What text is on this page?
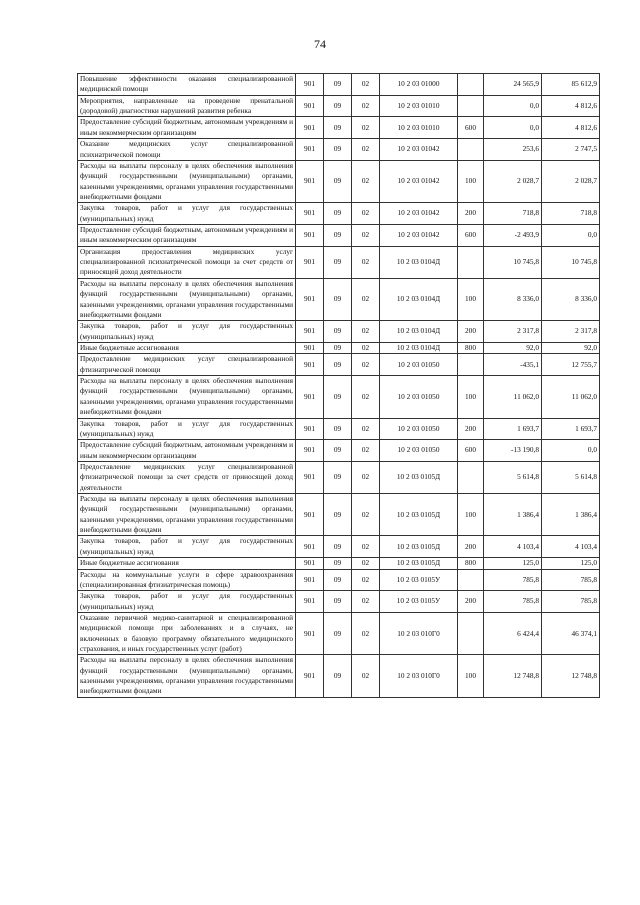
74
Повышение эффективности оказания специализированной медицинской помощи	901	09	02	10 2 03 01000		24 565,9	85 612,9
Мероприятия, направленные на проведение пренатальной (дородовой) диагностики нарушений развития ребенка	901	09	02	10 2 03 01010		0,0	4 812,6
Предоставление субсидий бюджетным, автономным учреждениям и иным некоммерческим организациям	901	09	02	10 2 03 01010	600	0,0	4 812,6
Оказание медицинских услуг специализированной психиатрической помощи	901	09	02	10 2 03 01042		253,6	2 747,5
Расходы на выплаты персоналу в целях обеспечения выполнения функций государственными (муниципальными) органами, казенными учреждениями, органами управления государственными внебюджетными фондами	901	09	02	10 2 03 01042	100	2 028,7	2 028,7
Закупка товаров, работ и услуг для государственных (муниципальных) нужд	901	09	02	10 2 03 01042	200	718,8	718,8
Предоставление субсидий бюджетным, автономным учреждениям и иным некоммерческим организациям	901	09	02	10 2 03 01042	600	-2 493,9	0,0
Организация предоставления медицинских услуг специализированной психиатрической помощи за счет средств от приносящей доход деятельности	901	09	02	10 2 03 0104Д		10 745,8	10 745,8
Расходы на выплаты персоналу в целях обеспечения выполнения функций государственными (муниципальными) органами, казенными учреждениями, органами управления государственными внебюджетными фондами	901	09	02	10 2 03 0104Д	100	8 336,0	8 336,0
Закупка товаров, работ и услуг для государственных (муниципальных) нужд	901	09	02	10 2 03 0104Д	200	2 317,8	2 317,8
Иные бюджетные ассигнования	901	09	02	10 2 03 0104Д	800	92,0	92,0
Предоставление медицинских услуг специализированной фтизиатрической помощи	901	09	02	10 2 03 01050		-435,1	12 755,7
Расходы на выплаты персоналу в целях обеспечения выполнения функций государственными (муниципальными) органами, казенными учреждениями, органами управления государственными внебюджетными фондами	901	09	02	10 2 03 01050	100	11 062,0	11 062,0
Закупка товаров, работ и услуг для государственных (муниципальных) нужд	901	09	02	10 2 03 01050	200	1 693,7	1 693,7
Предоставление субсидий бюджетным, автономным учреждениям и иным некоммерческим организациям	901	09	02	10 2 03 01050	600	-13 190,8	0,0
Предоставление медицинских услуг специализированной фтизиатрической помощи за счет средств от приносящей доход деятельности	901	09	02	10 2 03 0105Д		5 614,8	5 614,8
Расходы на выплаты персоналу в целях обеспечения выполнения функций государственными (муниципальными) органами, казенными учреждениями, органами управления государственными внебюджетными фондами	901	09	02	10 2 03 0105Д	100	1 386,4	1 386,4
Закупка товаров, работ и услуг для государственных (муниципальных) нужд	901	09	02	10 2 03 0105Д	200	4 103,4	4 103,4
Иные бюджетные ассигнования	901	09	02	10 2 03 0105Д	800	125,0	125,0
Расходы на коммунальные услуги в сфере здравоохранения (специализированная фтизиатрическая помощь)	901	09	02	10 2 03 0105У		785,8	785,8
Закупка товаров, работ и услуг для государственных (муниципальных) нужд	901	09	02	10 2 03 0105У	200	785,8	785,8
Оказание первичной медико-санитарной и специализированной медицинской помощи при заболеваниях и в случаях, не включенных в базовую программу обязательного медицинского страхования, и иных государственных услуг (работ)	901	09	02	10 2 03 010Г0		6 424,4	46 374,1
Расходы на выплаты персоналу в целях обеспечения выполнения функций государственными (муниципальными) органами, казенными учреждениями, органами управления государственными внебюджетными фондами	901	09	02	10 2 03 010Г0	100	12 748,8	12 748,8
